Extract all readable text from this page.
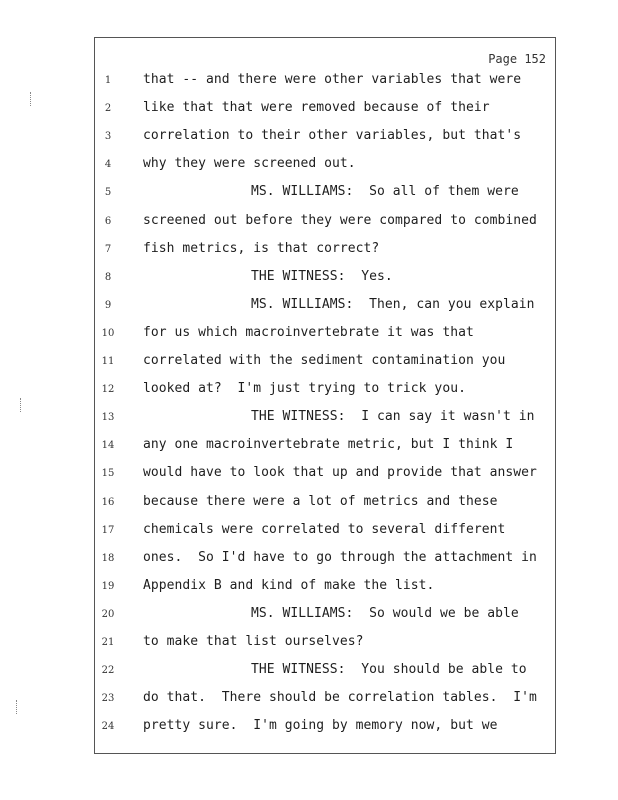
Page 152
1	that -- and there were other variables that were
2	like that that were removed because of their
3	correlation to their other variables, but that's
4	why they were screened out.
5	MS. WILLIAMS:  So all of them were
6	screened out before they were compared to combined
7	fish metrics, is that correct?
8	THE WITNESS:  Yes.
9	MS. WILLIAMS:  Then, can you explain
10	for us which macroinvertebrate it was that
11	correlated with the sediment contamination you
12	looked at?  I'm just trying to trick you.
13	THE WITNESS:  I can say it wasn't in
14	any one macroinvertebrate metric, but I think I
15	would have to look that up and provide that answer
16	because there were a lot of metrics and these
17	chemicals were correlated to several different
18	ones.  So I'd have to go through the attachment in
19	Appendix B and kind of make the list.
20	MS. WILLIAMS:  So would we be able
21	to make that list ourselves?
22	THE WITNESS:  You should be able to
23	do that.  There should be correlation tables.  I'm
24	pretty sure.  I'm going by memory now, but we
